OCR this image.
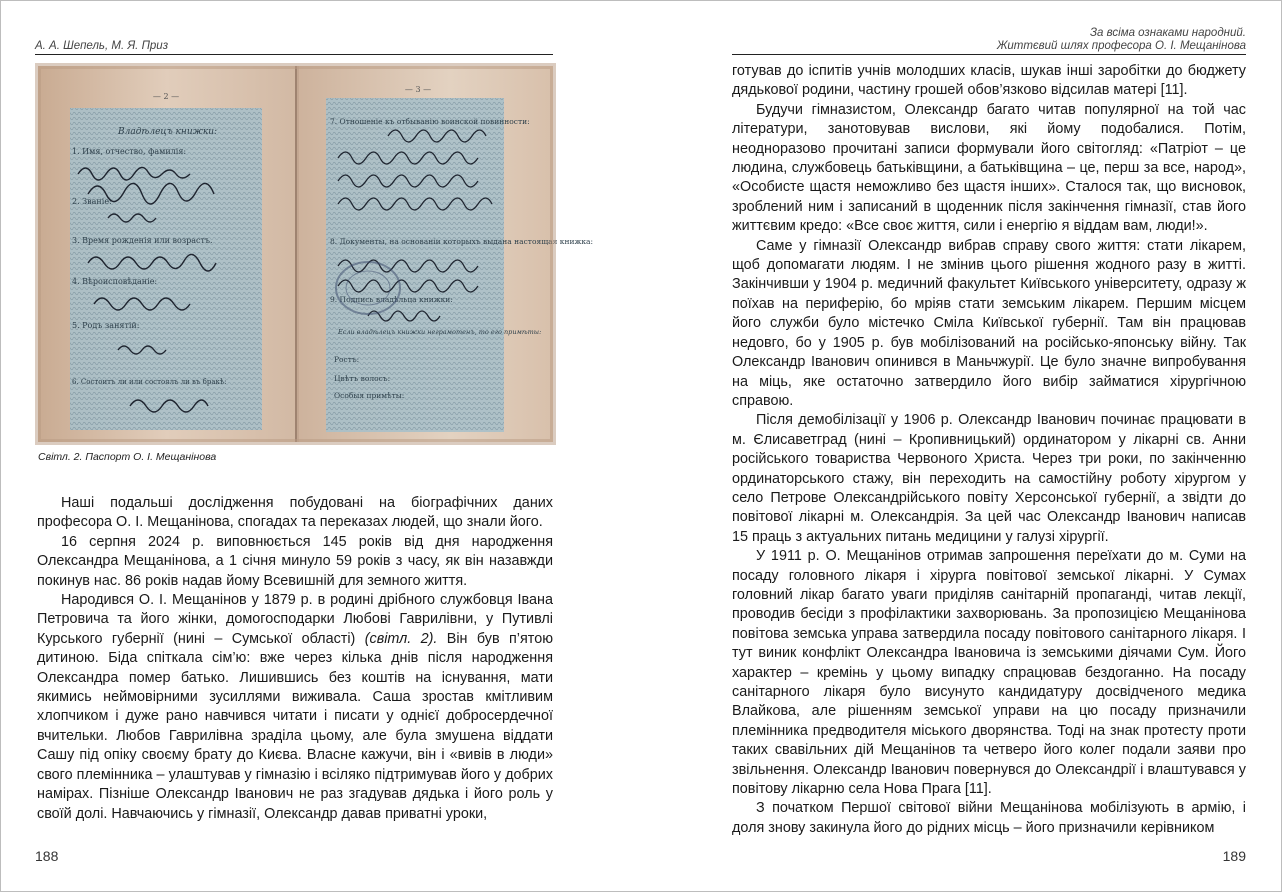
А. А. Шепель, М. Я. Приз
— 2 —
Владѣлецъ книжки:
1. Имя, отчество, фамилія:
2. Званіе:
3. Время рожденія или возрастъ.
4. Вѣроисповѣданіе:
5. Родъ занятій:
6. Состоитъ ли или состоялъ ли въ бракѣ:
— 3 —
7. Отношеніе къ отбыванію воинской повинности:
8. Документы, на основаніи которыхъ выдана настоящая книжка:
9. Подпись владѣльца книжки:
Если владѣлецъ книжки неграмотенъ, то его примѣты:
Ростъ:
Цвѣтъ волосъ:
Особыя примѣты:
Світл. 2. Паспорт О. І. Мещанінова

Наші подальші дослідження побудовані на біографічних даних професора О. І. Мещанінова, спогадах та переказах людей, що знали його.

16 серпня 2024 р. виповнюється 145 років від дня народження Олександра Мещанінова, а 1 січня минуло 59 років з часу, як він назавжди покинув нас. 86 років надав йому Всевишній для земного життя.

Народився О. І. Мещанінов у 1879 р. в родині дрібного службовця Івана Петровича та його жінки, домогосподарки Любові Гаврилівни, у Путивлі Курського губернії (нині – Сумської області) (світл. 2). Він був п’ятою дитиною. Біда спіткала сім’ю: вже через кілька днів після народження Олександра помер батько. Лишившись без коштів на існування, мати якимись неймовірними зусиллями виживала. Саша зростав кмітливим хлопчиком і дуже рано навчився читати і писати у однієї добросердечної вчительки. Любов Гаврилівна зраділа цьому, але була змушена віддати Сашу під опіку своєму брату до Києва. Власне кажучи, він і «вивів в люди» свого племінника – улаштував у гімназію і всіляко підтримував його у добрих намірах. Пізніше Олександр Іванович не раз згадував дядька і його роль у своїй долі. Навчаючись у гімназії, Олександр давав приватні уроки,

188
За всіма ознаками народний.
Життєвий шлях професора О. І. Мещанінова

готував до іспитів учнів молодших класів, шукав інші заробітки до бюджету дядькової родини, частину грошей обов’язково відсилав матері [11].

Будучи гімназистом, Олександр багато читав популярної на той час літератури, занотовував вислови, які йому подобалися. Потім, неодноразово прочитані записи формували його світогляд: «Патріот – це людина, службовець батьківщини, а батьківщина – це, перш за все, народ», «Особисте щастя неможливо без щастя інших». Сталося так, що висновок, зроблений ним і записаний в щоденник після закінчення гімназії, став його життєвим кредо: «Все своє життя, сили і енергію я віддам вам, люди!».

Саме у гімназії Олександр вибрав справу свого життя: стати лікарем, щоб допомагати людям. І не змінив цього рішення жодного разу в житті. Закінчивши у 1904 р. медичний факультет Київського університету, одразу ж поїхав на периферію, бо мріяв стати земським лікарем. Першим місцем його служби було містечко Сміла Київської губернії. Там він працював недовго, бо у 1905 р. був мобілізований на російсько-японську війну. Так Олександр Іванович опинився в Маньчжурії. Це було значне випробування на міць, яке остаточно затвердило його вибір займатися хірургічною справою.

Після демобілізації у 1906 р. Олександр Іванович починає працювати в м. Єлисаветград (нині – Кропивницький) ординатором у лікарні св. Анни російського товариства Червоного Христа. Через три роки, по закінченню ординаторського стажу, він переходить на самостійну роботу хірургом у село Петрове Олександрійського повіту Херсонської губернії, а звідти до повітової лікарні м. Олександрія. За цей час Олександр Іванович написав 15 праць з актуальних питань медицини у галузі хірургії.

У 1911 р. О. Мещанінов отримав запрошення переїхати до м. Суми на посаду головного лікаря і хірурга повітової земської лікарні. У Сумах головний лікар багато уваги приділяв санітарній пропаганді, читав лекції, проводив бесіди з профілактики захворювань. За пропозицією Мещанінова повітова земська управа затвердила посаду повітового санітарного лікаря. І тут виник конфлікт Олександра Івановича із земськими діячами Сум. Його характер – кремінь у цьому випадку спрацював бездоганно. На посаду санітарного лікаря було висунуто кандидатуру досвідченого медика Влайкова, але рішенням земської управи на цю посаду призначили племінника предводителя міського дворянства. Тоді на знак протесту проти таких свавільних дій Мещанінов та четверо його колег подали заяви про звільнення. Олександр Іванович повернувся до Олександрії і влаштувався у повітову лікарню села Нова Прага [11].

З початком Першої світової війни Мещанінова мобілізують в армію, і доля знову закинула його до рідних місць – його призначили керівником

189
